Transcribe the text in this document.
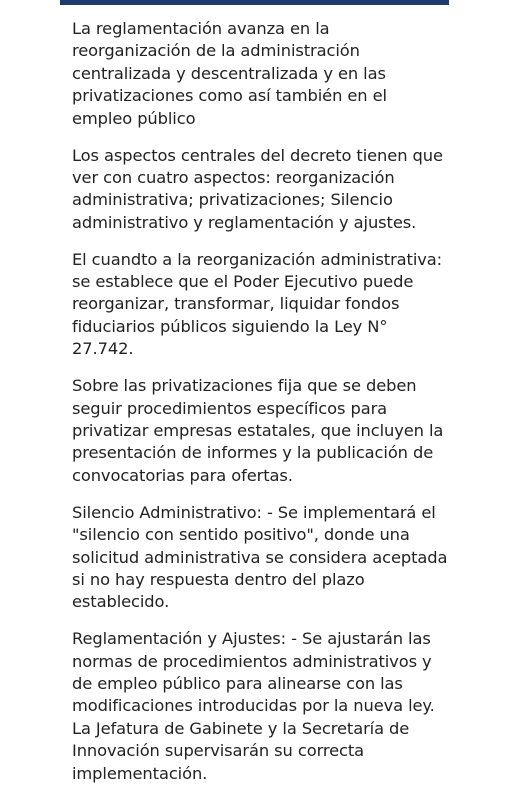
La reglamentación avanza en la reorganización de la administración centralizada y descentralizada y en las privatizaciones como así también en el empleo público

Los aspectos centrales del decreto tienen que ver con cuatro aspectos: reorganización administrativa; privatizaciones; Silencio administrativo y reglamentación y ajustes.

El cuandto a la reorganización administrativa: se establece que el Poder Ejecutivo puede reorganizar, transformar, liquidar fondos fiduciarios públicos siguiendo la Ley N° 27.742.

Sobre las privatizaciones fija que se deben seguir procedimientos específicos para privatizar empresas estatales, que incluyen la presentación de informes y la publicación de convocatorias para ofertas.

Silencio Administrativo: - Se implementará el "silencio con sentido positivo", donde una solicitud administrativa se considera aceptada si no hay respuesta dentro del plazo establecido.

Reglamentación y Ajustes: - Se ajustarán las normas de procedimientos administrativos y de empleo público para alinearse con las modificaciones introducidas por la nueva ley. La Jefatura de Gabinete y la Secretaría de Innovación supervisarán su correcta implementación.
